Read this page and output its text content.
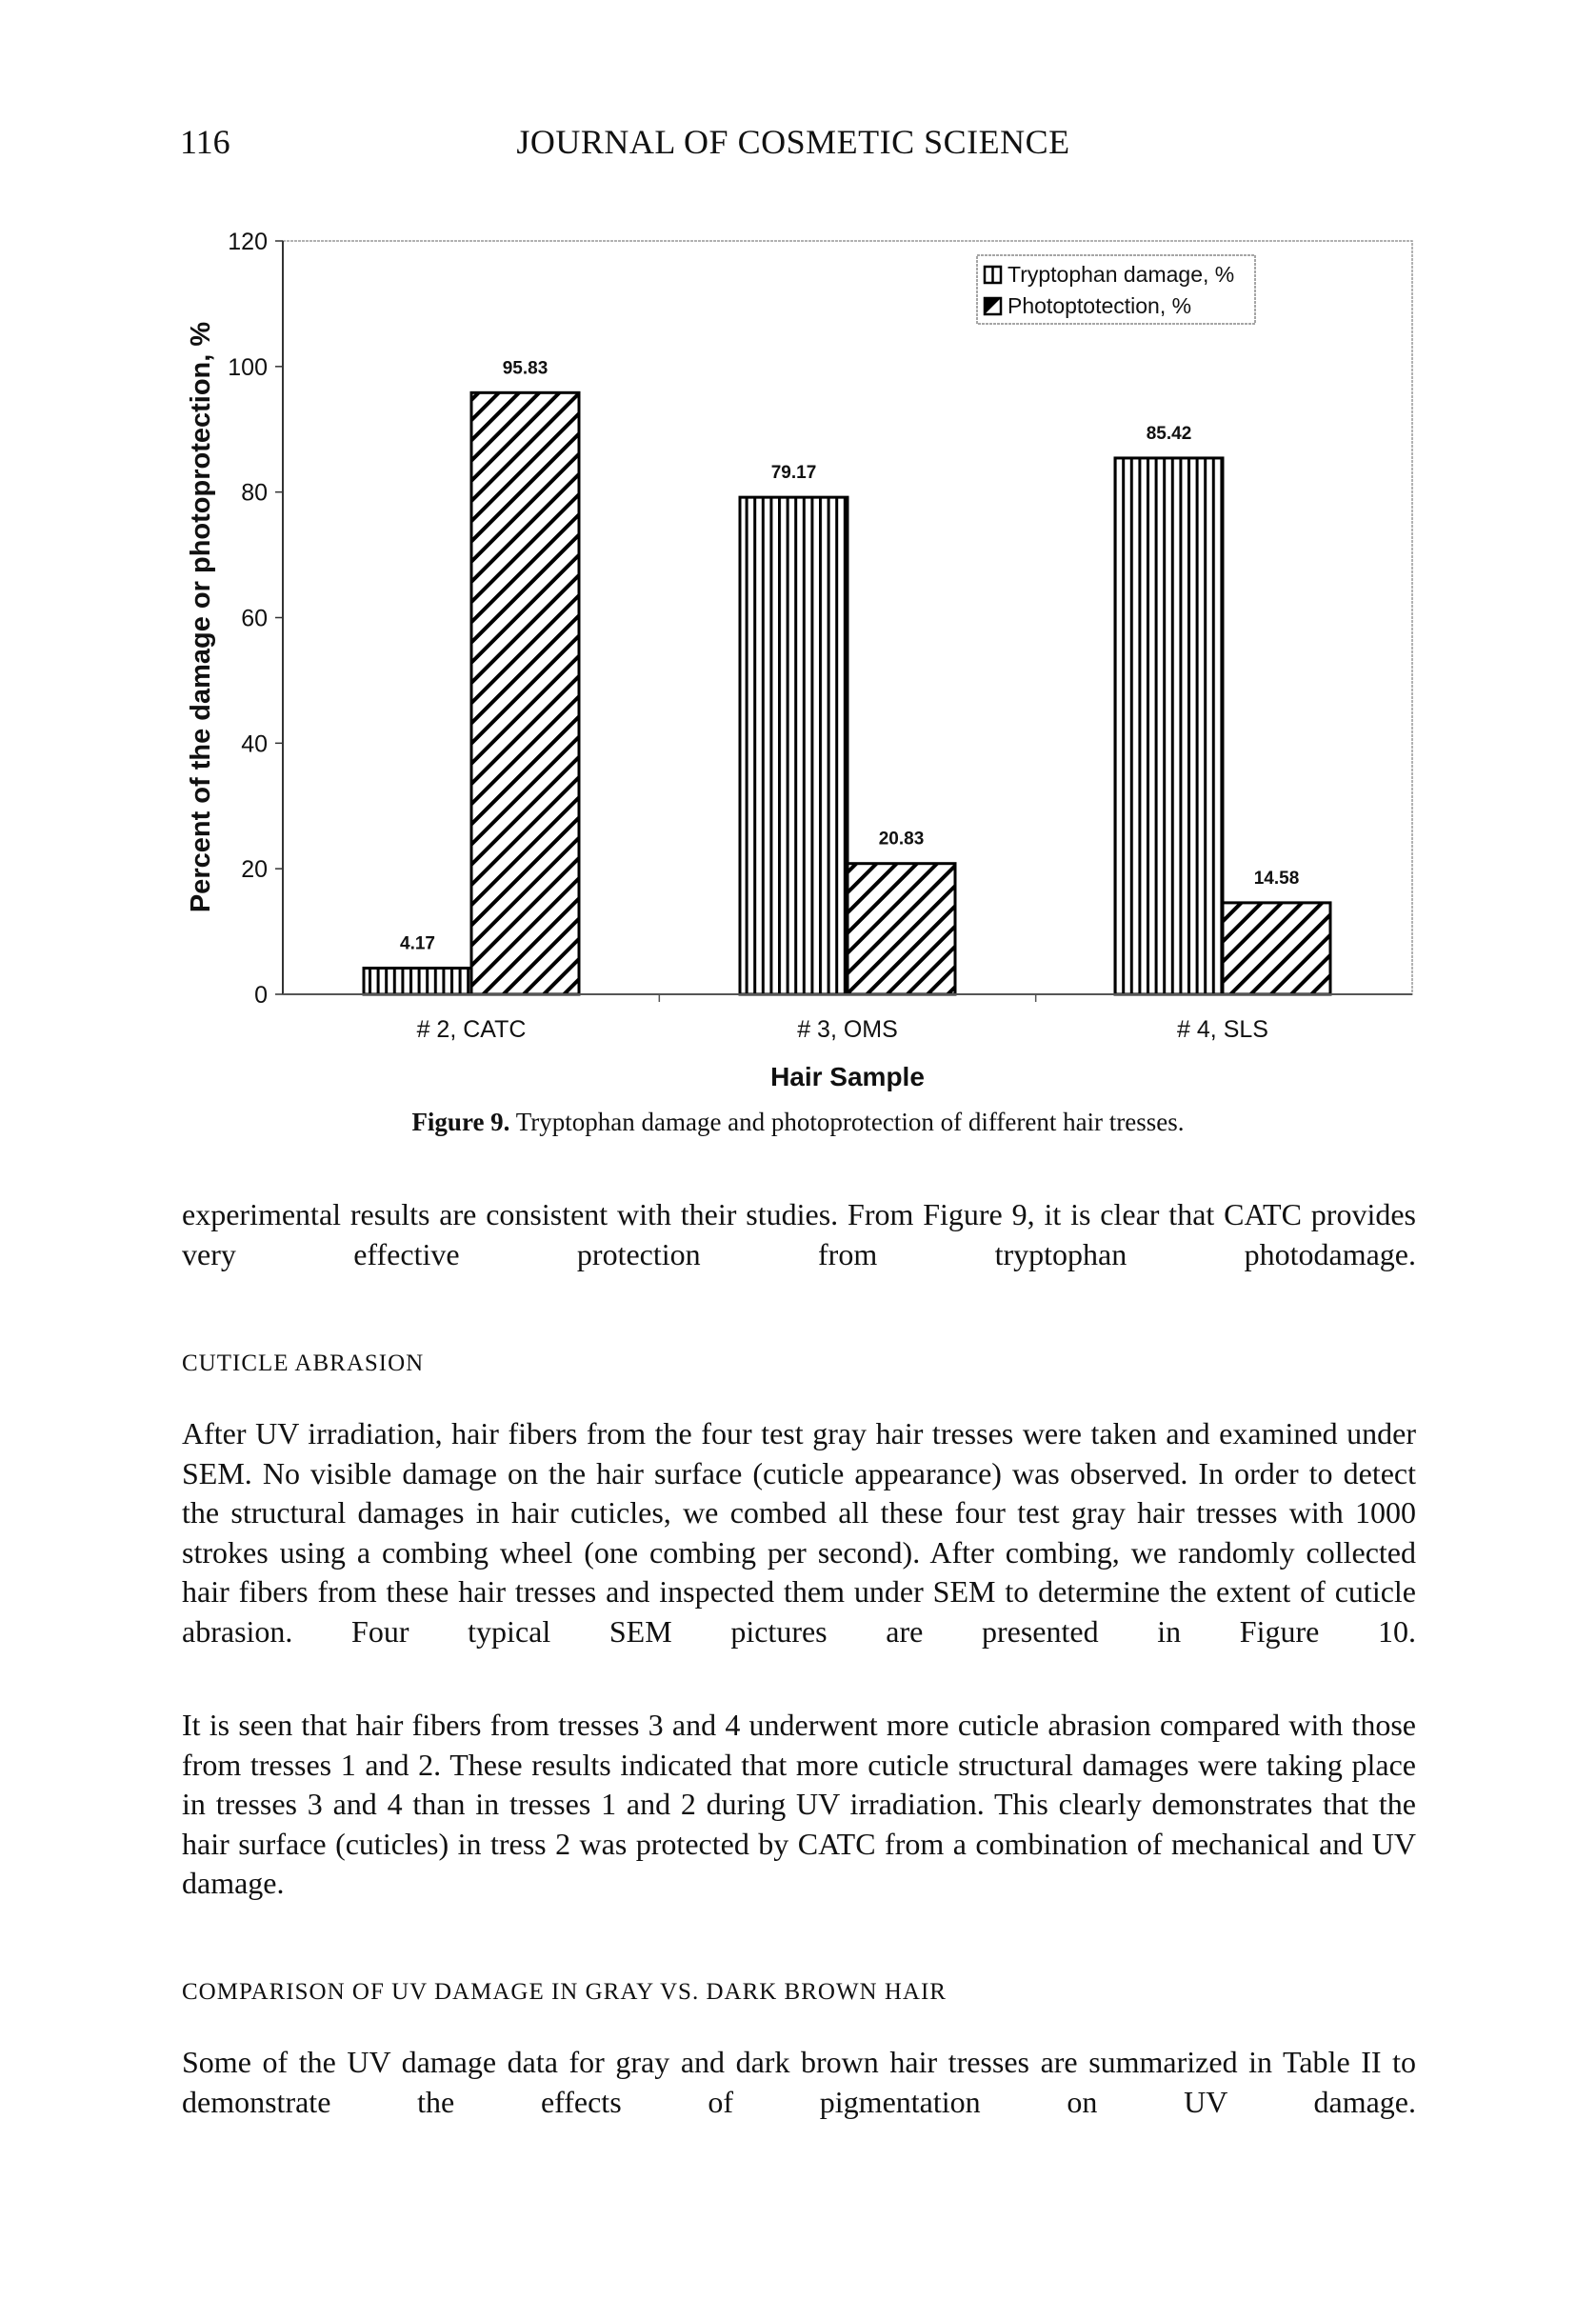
116	JOURNAL OF COSMETIC SCIENCE
0
20
40
60
80
100
120
Percent of the damage or photoprotection, %
4.17
95.83
79.17
20.83
85.42
14.58
# 2, CATC	# 3, OMS	# 4, SLS
Hair Sample
Tryptophan damage, %
Photoptotection, %
Figure 9. Tryptophan damage and photoprotection of different hair tresses.
experimental results are consistent with their studies. From Figure 9, it is clear that CATC provides very effective protection from tryptophan photodamage.
CUTICLE ABRASION
After UV irradiation, hair fibers from the four test gray hair tresses were taken and examined under SEM. No visible damage on the hair surface (cuticle appearance) was observed. In order to detect the structural damages in hair cuticles, we combed all these four test gray hair tresses with 1000 strokes using a combing wheel (one combing per second). After combing, we randomly collected hair fibers from these hair tresses and inspected them under SEM to determine the extent of cuticle abrasion. Four typical SEM pictures are presented in Figure 10.
It is seen that hair fibers from tresses 3 and 4 underwent more cuticle abrasion compared with those from tresses 1 and 2. These results indicated that more cuticle structural damages were taking place in tresses 3 and 4 than in tresses 1 and 2 during UV irradiation. This clearly demonstrates that the hair surface (cuticles) in tress 2 was protected by CATC from a combination of mechanical and UV damage.
COMPARISON OF UV DAMAGE IN GRAY VS. DARK BROWN HAIR
Some of the UV damage data for gray and dark brown hair tresses are summarized in Table II to demonstrate the effects of pigmentation on UV damage.
